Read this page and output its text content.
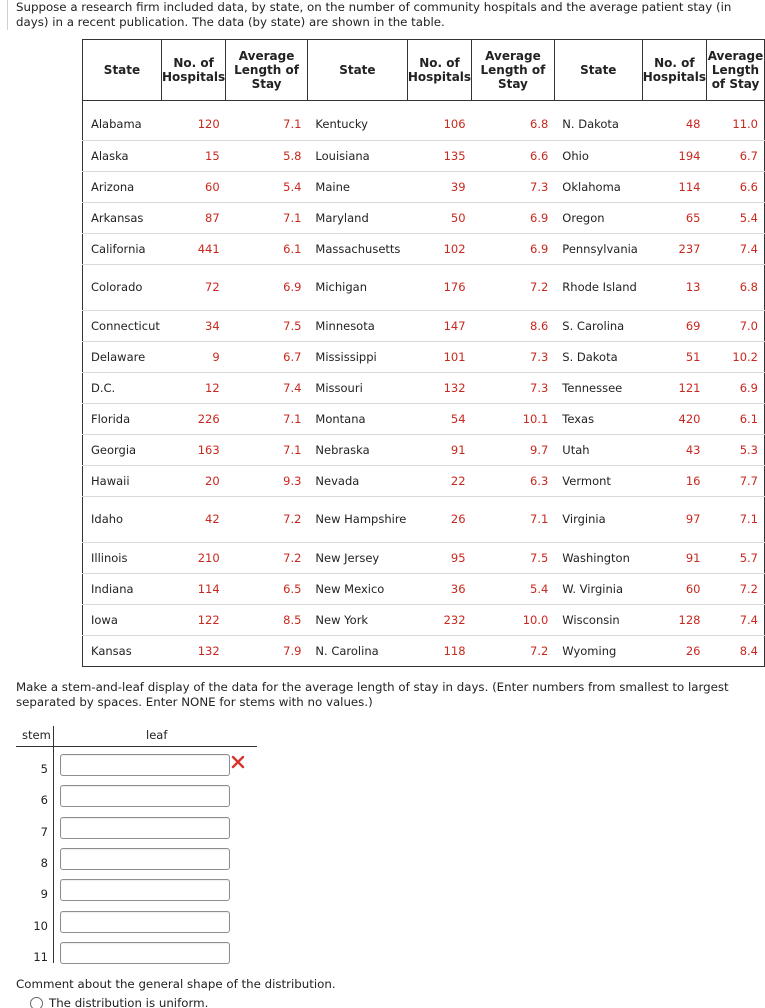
Suppose a research firm included data, by state, on the number of community hospitals and the average patient stay (in days) in a recent publication. The data (by state) are shown in the table.
State	No. of Hospitals	Average Length of Stay	State	No. of Hospitals	Average Length of Stay	State	No. of Hospitals	Average Length of Stay

Alabama	120	7.1	Kentucky	106	6.8	N. Dakota	48	11.0
Alaska	15	5.8	Louisiana	135	6.6	Ohio	194	6.7
Arizona	60	5.4	Maine	39	7.3	Oklahoma	114	6.6
Arkansas	87	7.1	Maryland	50	6.9	Oregon	65	5.4
California	441	6.1	Massachusetts	102	6.9	Pennsylvania	237	7.4
Colorado	72	6.9	Michigan	176	7.2	Rhode Island	13	6.8
Connecticut	34	7.5	Minnesota	147	8.6	S. Carolina	69	7.0
Delaware	9	6.7	Mississippi	101	7.3	S. Dakota	51	10.2
D.C.	12	7.4	Missouri	132	7.3	Tennessee	121	6.9
Florida	226	7.1	Montana	54	10.1	Texas	420	6.1
Georgia	163	7.1	Nebraska	91	9.7	Utah	43	5.3
Hawaii	20	9.3	Nevada	22	6.3	Vermont	16	7.7
Idaho	42	7.2	New Hampshire	26	7.1	Virginia	97	7.1
Illinois	210	7.2	New Jersey	95	7.5	Washington	91	5.7
Indiana	114	6.5	New Mexico	36	5.4	W. Virginia	60	7.2
Iowa	122	8.5	New York	232	10.0	Wisconsin	128	7.4
Kansas	132	7.9	N. Carolina	118	7.2	Wyoming	26	8.4
Make a stem-and-leaf display of the data for the average length of stay in days. (Enter numbers from smallest to largest separated by spaces. Enter NONE for stems with no values.)
stem	leaf
5
6
7
8
9
10
11
Comment about the general shape of the distribution.
The distribution is uniform.
